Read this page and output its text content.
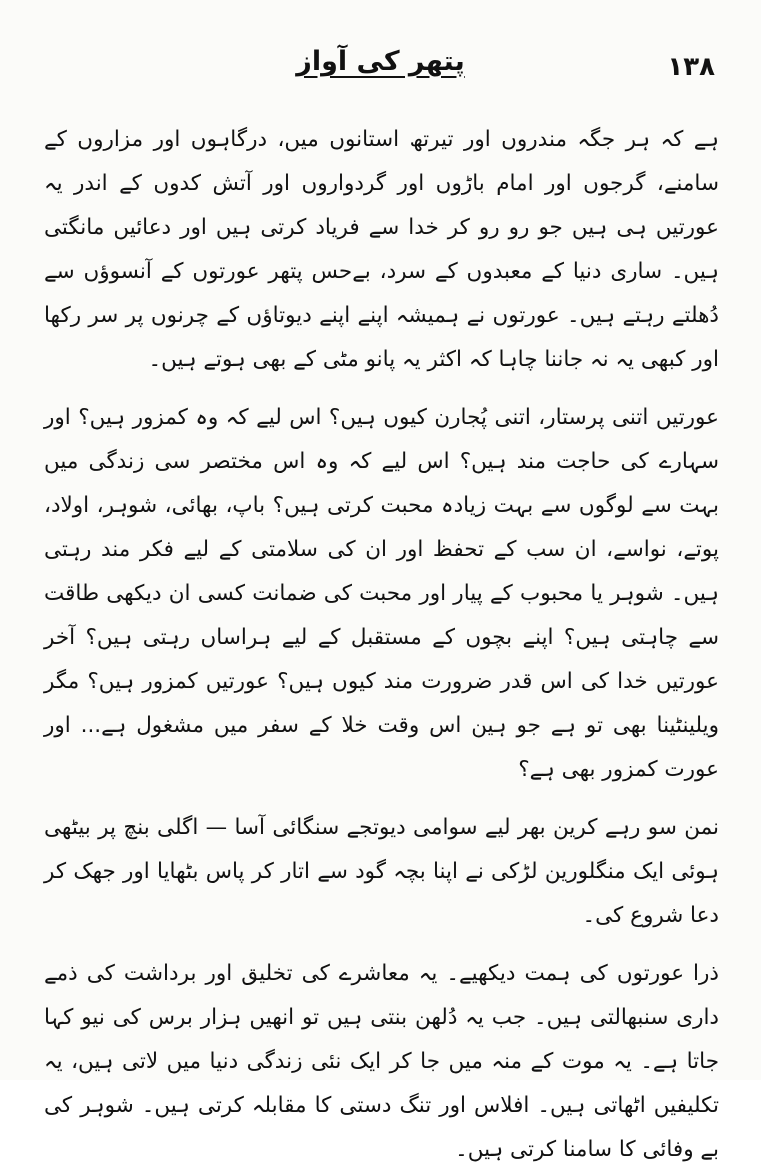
۱۳۸
پتھر کی آواز

ہے کہ ہر جگہ مندروں اور تیرتھ استانوں میں، درگاہوں اور مزاروں کے سامنے، گرجوں اور امام باڑوں اور گردواروں اور آتش کدوں کے اندر یہ عورتیں ہی ہیں جو رو رو کر خدا سے فریاد کرتی ہیں اور دعائیں مانگتی ہیں۔ ساری دنیا کے معبدوں کے سرد، بےحس پتھر عورتوں کے آنسوؤں سے دُھلتے رہتے ہیں۔ عورتوں نے ہمیشہ اپنے اپنے دیوتاؤں کے چرنوں پر سر رکھا اور کبھی یہ نہ جاننا چاہا کہ اکثر یہ پانو مٹی کے بھی ہوتے ہیں۔

عورتیں اتنی پرستار، اتنی پُجارن کیوں ہیں؟ اس لیے کہ وہ کمزور ہیں؟ اور سہارے کی حاجت مند ہیں؟ اس لیے کہ وہ اس مختصر سی زندگی میں بہت سے لوگوں سے بہت زیادہ محبت کرتی ہیں؟ باپ، بھائی، شوہر، اولاد، پوتے، نواسے، ان سب کے تحفظ اور ان کی سلامتی کے لیے فکر مند رہتی ہیں۔ شوہر یا محبوب کے پیار اور محبت کی ضمانت کسی ان دیکھی طاقت سے چاہتی ہیں؟ اپنے بچوں کے مستقبل کے لیے ہراساں رہتی ہیں؟ آخر عورتیں خدا کی اس قدر ضرورت مند کیوں ہیں؟ عورتیں کمزور ہیں؟ مگر ویلینٹینا بھی تو ہے جو ہین اس وقت خلا کے سفر میں مشغول ہے... اور عورت کمزور بھی ہے؟

نمن سو رہے کرین بھر لیے سوامی دیوتجے سنگائی آسا — اگلی بنچ پر بیٹھی ہوئی ایک منگلورین لڑکی نے اپنا بچہ گود سے اتار کر پاس بٹھایا اور جھک کر دعا شروع کی۔

ذرا عورتوں کی ہمت دیکھیے۔ یہ معاشرے کی تخلیق اور برداشت کی ذمے داری سنبھالتی ہیں۔ جب یہ دُلھن بنتی ہیں تو انھیں ہزار برس کی نیو کہا جاتا ہے۔ یہ موت کے منہ میں جا کر ایک نئی زندگی دنیا میں لاتی ہیں، یہ تکلیفیں اٹھاتی ہیں۔ افلاس اور تنگ دستی کا مقابلہ کرتی ہیں۔ شوہر کی بے وفائی کا سامنا کرتی ہیں۔
